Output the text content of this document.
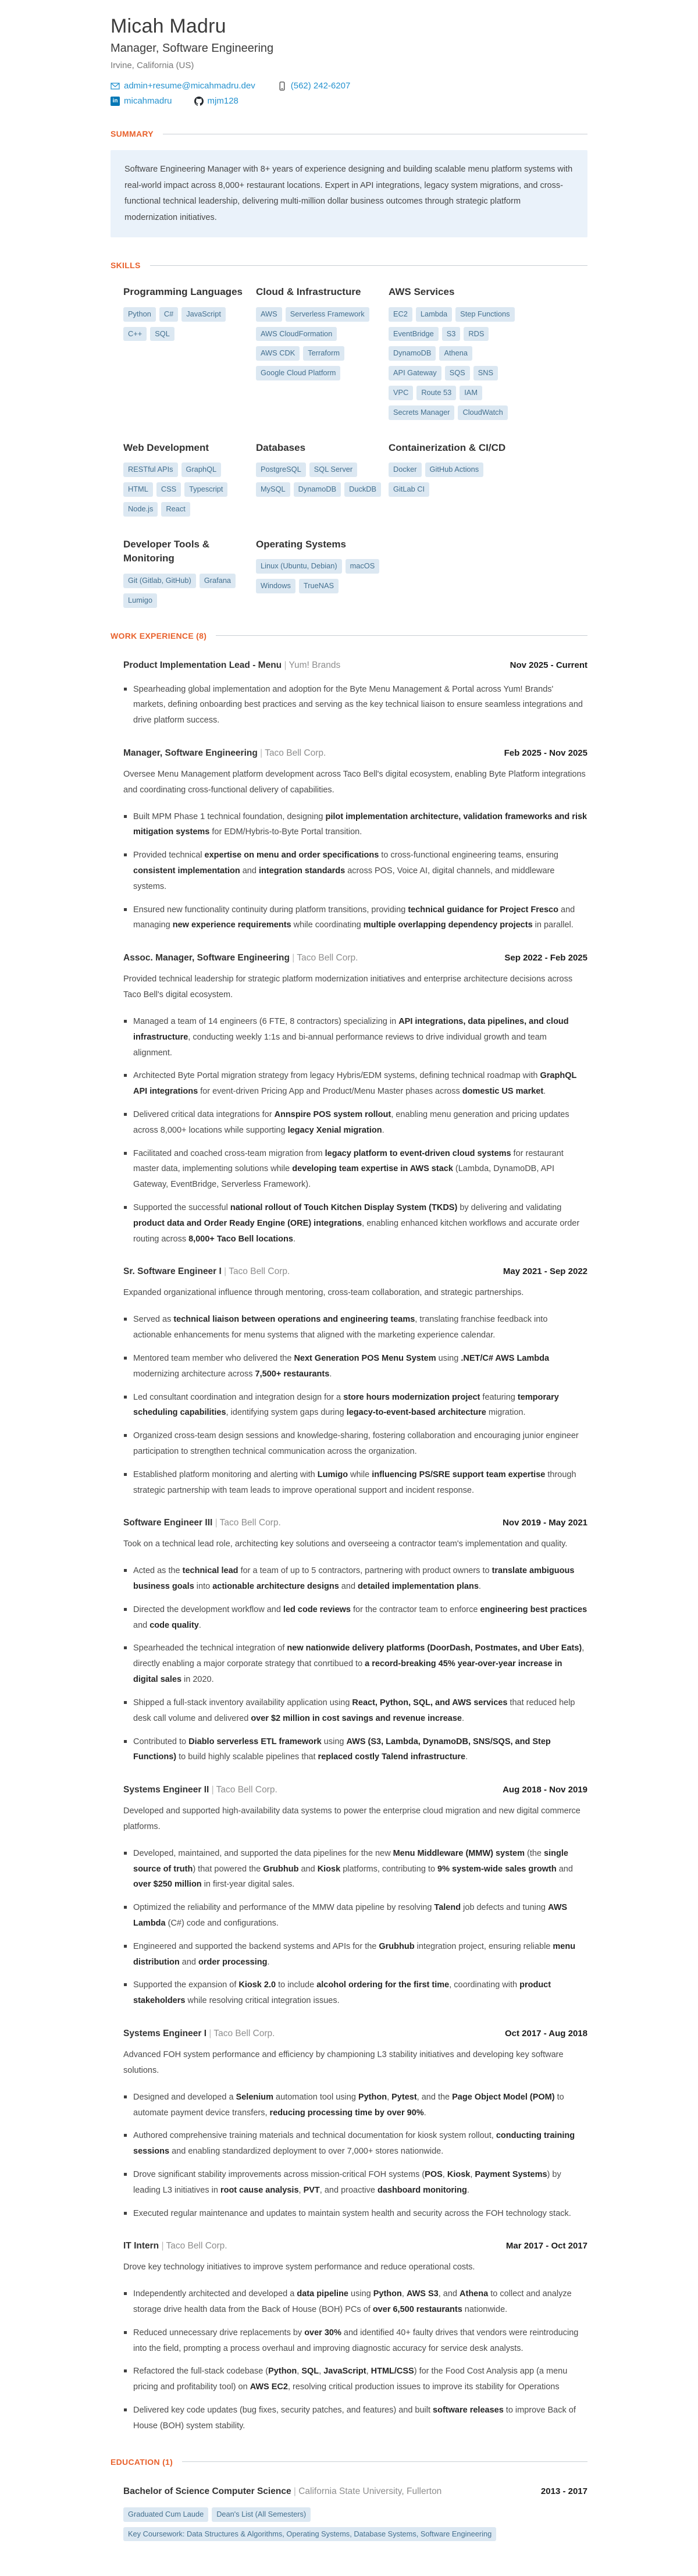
Micah Madru
Manager, Software Engineering
Irvine, California (US)
admin+resume@micahmadru.dev	(562) 242-6207
in micahmadru	mjm128
SUMMARY

Software Engineering Manager with 8+ years of experience designing and building scalable menu platform systems with real-world impact across 8,000+ restaurant locations. Expert in API integrations, legacy system migrations, and cross-functional technical leadership, delivering multi-million dollar business outcomes through strategic platform modernization initiatives.

SKILLS
Programming Languages
Python	C#	JavaScript
C++	SQL
Cloud & Infrastructure
AWS	Serverless Framework
AWS CloudFormation
AWS CDK	Terraform
Google Cloud Platform
AWS Services
EC2	Lambda	Step Functions
EventBridge	S3	RDS
DynamoDB	Athena
API Gateway	SQS	SNS
VPC	Route 53	IAM
Secrets Manager	CloudWatch
Web Development
RESTful APIs	GraphQL
HTML	CSS	Typescript
Node.js	React
Databases
PostgreSQL	SQL Server
MySQL	DynamoDB	DuckDB
Containerization & CI/CD
Docker	GitHub Actions
GitLab CI
Developer Tools & Monitoring
Git (Gitlab, GitHub)	Grafana
Lumigo
Operating Systems
Linux (Ubuntu, Debian)	macOS
Windows	TrueNAS
WORK EXPERIENCE (8)
Product Implementation Lead - Menu | Yum! Brands	Nov 2025 - Current
Spearheading global implementation and adoption for the Byte Menu Management & Portal across Yum! Brands' markets, defining onboarding best practices and serving as the key technical liaison to ensure seamless integrations and drive platform success.
Manager, Software Engineering | Taco Bell Corp.	Feb 2025 - Nov 2025

Oversee Menu Management platform development across Taco Bell's digital ecosystem, enabling Byte Platform integrations and coordinating cross-functional delivery of capabilities.

Built MPM Phase 1 technical foundation, designing pilot implementation architecture, validation frameworks and risk mitigation systems for EDM/Hybris-to-Byte Portal transition.
Provided technical expertise on menu and order specifications to cross-functional engineering teams, ensuring consistent implementation and integration standards across POS, Voice AI, digital channels, and middleware systems.
Ensured new functionality continuity during platform transitions, providing technical guidance for Project Fresco and managing new experience requirements while coordinating multiple overlapping dependency projects in parallel.
Assoc. Manager, Software Engineering | Taco Bell Corp.	Sep 2022 - Feb 2025

Provided technical leadership for strategic platform modernization initiatives and enterprise architecture decisions across Taco Bell's digital ecosystem.

Managed a team of 14 engineers (6 FTE, 8 contractors) specializing in API integrations, data pipelines, and cloud infrastructure, conducting weekly 1:1s and bi-annual performance reviews to drive individual growth and team alignment.
Architected Byte Portal migration strategy from legacy Hybris/EDM systems, defining technical roadmap with GraphQL API integrations for event-driven Pricing App and Product/Menu Master phases across domestic US market.
Delivered critical data integrations for Annspire POS system rollout, enabling menu generation and pricing updates across 8,000+ locations while supporting legacy Xenial migration.
Facilitated and coached cross-team migration from legacy platform to event-driven cloud systems for restaurant master data, implementing solutions while developing team expertise in AWS stack (Lambda, DynamoDB, API Gateway, EventBridge, Serverless Framework).
Supported the successful national rollout of Touch Kitchen Display System (TKDS) by delivering and validating product data and Order Ready Engine (ORE) integrations, enabling enhanced kitchen workflows and accurate order routing across 8,000+ Taco Bell locations.
Sr. Software Engineer I | Taco Bell Corp.	May 2021 - Sep 2022

Expanded organizational influence through mentoring, cross-team collaboration, and strategic partnerships.

Served as technical liaison between operations and engineering teams, translating franchise feedback into actionable enhancements for menu systems that aligned with the marketing experience calendar.
Mentored team member who delivered the Next Generation POS Menu System using .NET/C# AWS Lambda modernizing architecture across 7,500+ restaurants.
Led consultant coordination and integration design for a store hours modernization project featuring temporary scheduling capabilities, identifying system gaps during legacy-to-event-based architecture migration.
Organized cross-team design sessions and knowledge-sharing, fostering collaboration and encouraging junior engineer participation to strengthen technical communication across the organization.
Established platform monitoring and alerting with Lumigo while influencing PS/SRE support team expertise through strategic partnership with team leads to improve operational support and incident response.
Software Engineer III | Taco Bell Corp.	Nov 2019 - May 2021

Took on a technical lead role, architecting key solutions and overseeing a contractor team's implementation and quality.

Acted as the technical lead for a team of up to 5 contractors, partnering with product owners to translate ambiguous business goals into actionable architecture designs and detailed implementation plans.
Directed the development workflow and led code reviews for the contractor team to enforce engineering best practices and code quality.
Spearheaded the technical integration of new nationwide delivery platforms (DoorDash, Postmates, and Uber Eats), directly enabling a major corporate strategy that conrtibued to a record-breaking 45% year-over-year increase in digital sales in 2020.
Shipped a full-stack inventory availability application using React, Python, SQL, and AWS services that reduced help desk call volume and delivered over $2 million in cost savings and revenue increase.
Contributed to Diablo serverless ETL framework using AWS (S3, Lambda, DynamoDB, SNS/SQS, and Step Functions) to build highly scalable pipelines that replaced costly Talend infrastructure.
Systems Engineer II | Taco Bell Corp.	Aug 2018 - Nov 2019

Developed and supported high-availability data systems to power the enterprise cloud migration and new digital commerce platforms.

Developed, maintained, and supported the data pipelines for the new Menu Middleware (MMW) system (the single source of truth) that powered the Grubhub and Kiosk platforms, contributing to 9% system-wide sales growth and over $250 million in first-year digital sales.
Optimized the reliability and performance of the MMW data pipeline by resolving Talend job defects and tuning AWS Lambda (C#) code and configurations.
Engineered and supported the backend systems and APIs for the Grubhub integration project, ensuring reliable menu distribution and order processing.
Supported the expansion of Kiosk 2.0 to include alcohol ordering for the first time, coordinating with product stakeholders while resolving critical integration issues.
Systems Engineer I | Taco Bell Corp.	Oct 2017 - Aug 2018

Advanced FOH system performance and efficiency by championing L3 stability initiatives and developing key software solutions.

Designed and developed a Selenium automation tool using Python, Pytest, and the Page Object Model (POM) to automate payment device transfers, reducing processing time by over 90%.
Authored comprehensive training materials and technical documentation for kiosk system rollout, conducting training sessions and enabling standardized deployment to over 7,000+ stores nationwide.
Drove significant stability improvements across mission-critical FOH systems (POS, Kiosk, Payment Systems) by leading L3 initiatives in root cause analysis, PVT, and proactive dashboard monitoring.
Executed regular maintenance and updates to maintain system health and security across the FOH technology stack.
IT Intern | Taco Bell Corp.	Mar 2017 - Oct 2017

Drove key technology initiatives to improve system performance and reduce operational costs.

Independently architected and developed a data pipeline using Python, AWS S3, and Athena to collect and analyze storage drive health data from the Back of House (BOH) PCs of over 6,500 restaurants nationwide.
Reduced unnecessary drive replacements by over 30% and identified 40+ faulty drives that vendors were reintroducing into the field, prompting a process overhaul and improving diagnostic accuracy for service desk analysts.
Refactored the full-stack codebase (Python, SQL, JavaScript, HTML/CSS) for the Food Cost Analysis app (a menu pricing and profitability tool) on AWS EC2, resolving critical production issues to improve its stability for Operations
Delivered key code updates (bug fixes, security patches, and features) and built software releases to improve Back of House (BOH) system stability.
EDUCATION (1)
Bachelor of Science Computer Science | California State University, Fullerton	2013 - 2017
Graduated Cum Laude	Dean's List (All Semesters)
Key Coursework: Data Structures & Algorithms, Operating Systems, Database Systems, Software Engineering
